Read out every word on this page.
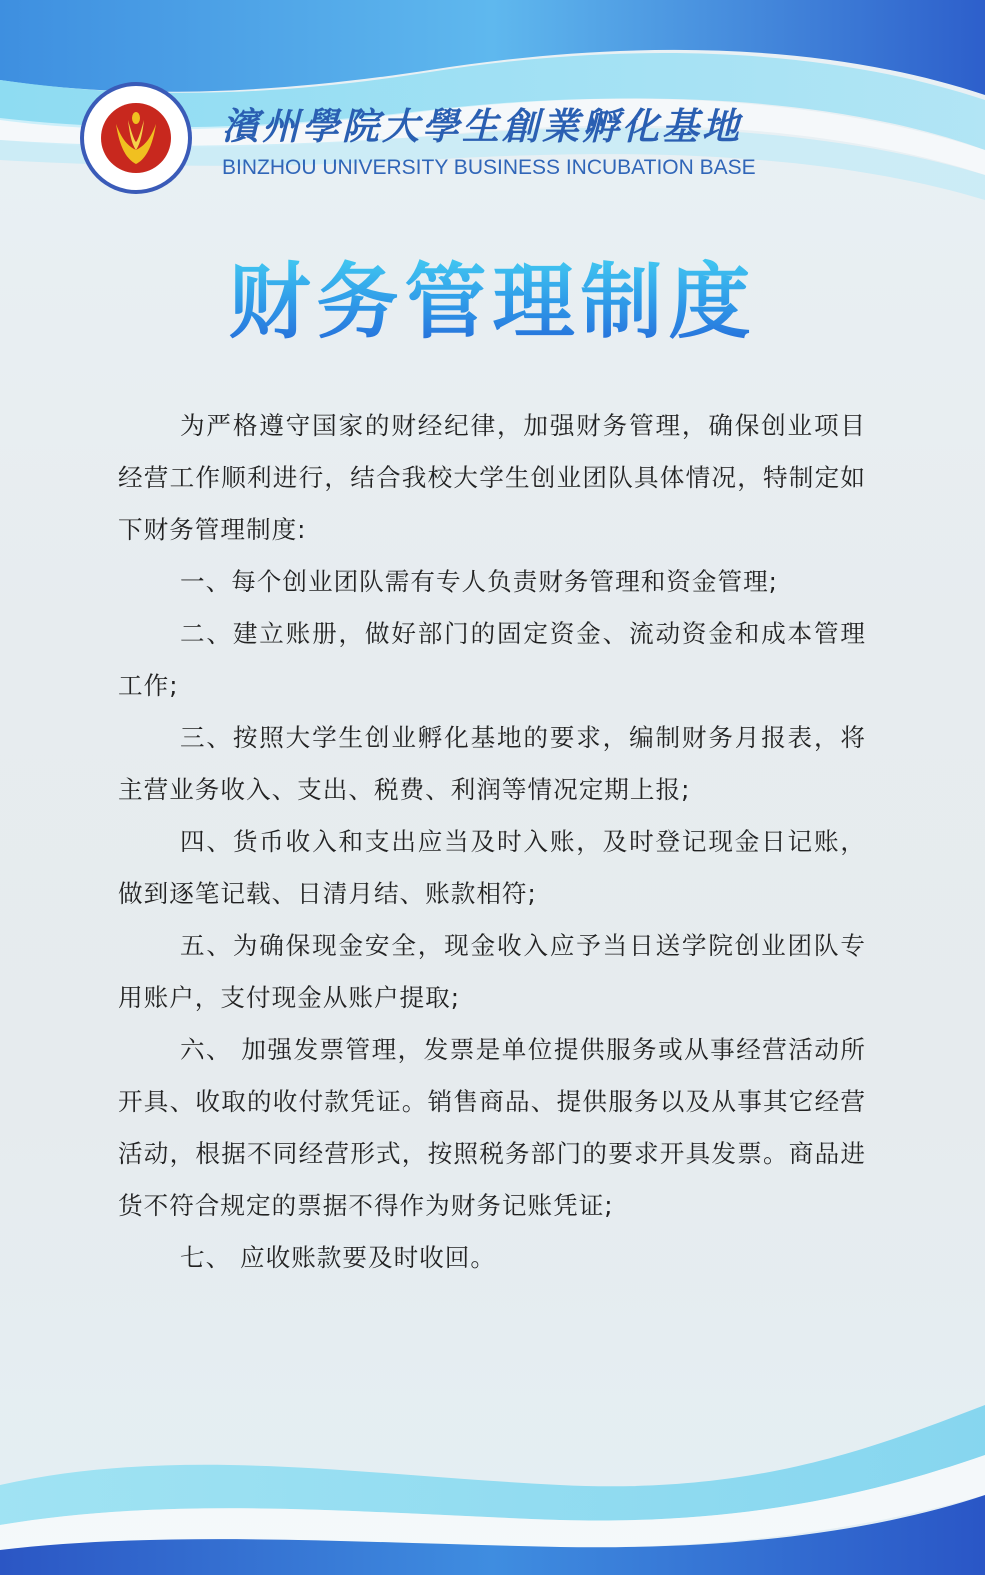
濱州學院大學生創業孵化基地
BINZHOU UNIVERSITY BUSINESS INCUBATION BASE
财务管理制度

为严格遵守国家的财经纪律，加强财务管理，确保创业项目经营工作顺利进行，结合我校大学生创业团队具体情况，特制定如下财务管理制度:

一、每个创业团队需有专人负责财务管理和资金管理;

二、建立账册，做好部门的固定资金、流动资金和成本管理工作;

三、按照大学生创业孵化基地的要求，编制财务月报表，将主营业务收入、支出、税费、利润等情况定期上报;

四、货币收入和支出应当及时入账，及时登记现金日记账，做到逐笔记载、日清月结、账款相符;

五、为确保现金安全，现金收入应予当日送学院创业团队专用账户，支付现金从账户提取;

六、 加强发票管理，发票是单位提供服务或从事经营活动所开具、收取的收付款凭证。销售商品、提供服务以及从事其它经营活动，根据不同经营形式，按照税务部门的要求开具发票。商品进货不符合规定的票据不得作为财务记账凭证;

七、 应收账款要及时收回。
